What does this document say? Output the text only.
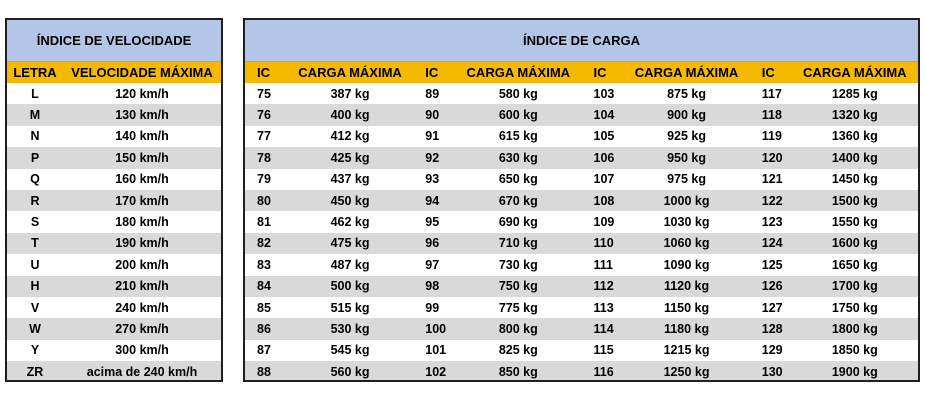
ÍNDICE DE VELOCIDADE
LETRA	VELOCIDADE MÁXIMA
L	120 km/h
M	130 km/h
N	140 km/h
P	150 km/h
Q	160 km/h
R	170 km/h
S	180 km/h
T	190 km/h
U	200 km/h
H	210 km/h
V	240 km/h
W	270 km/h
Y	300 km/h
ZR	acima de 240 km/h
ÍNDICE DE CARGA
IC	CARGA MÁXIMA	IC	CARGA MÁXIMA	IC	CARGA MÁXIMA	IC	CARGA MÁXIMA
75	387 kg	89	580 kg	103	875 kg	117	1285 kg
76	400 kg	90	600 kg	104	900 kg	118	1320 kg
77	412 kg	91	615 kg	105	925 kg	119	1360 kg
78	425 kg	92	630 kg	106	950 kg	120	1400 kg
79	437 kg	93	650 kg	107	975 kg	121	1450 kg
80	450 kg	94	670 kg	108	1000 kg	122	1500 kg
81	462 kg	95	690 kg	109	1030 kg	123	1550 kg
82	475 kg	96	710 kg	110	1060 kg	124	1600 kg
83	487 kg	97	730 kg	111	1090 kg	125	1650 kg
84	500 kg	98	750 kg	112	1120 kg	126	1700 kg
85	515 kg	99	775 kg	113	1150 kg	127	1750 kg
86	530 kg	100	800 kg	114	1180 kg	128	1800 kg
87	545 kg	101	825 kg	115	1215 kg	129	1850 kg
88	560 kg	102	850 kg	116	1250 kg	130	1900 kg
